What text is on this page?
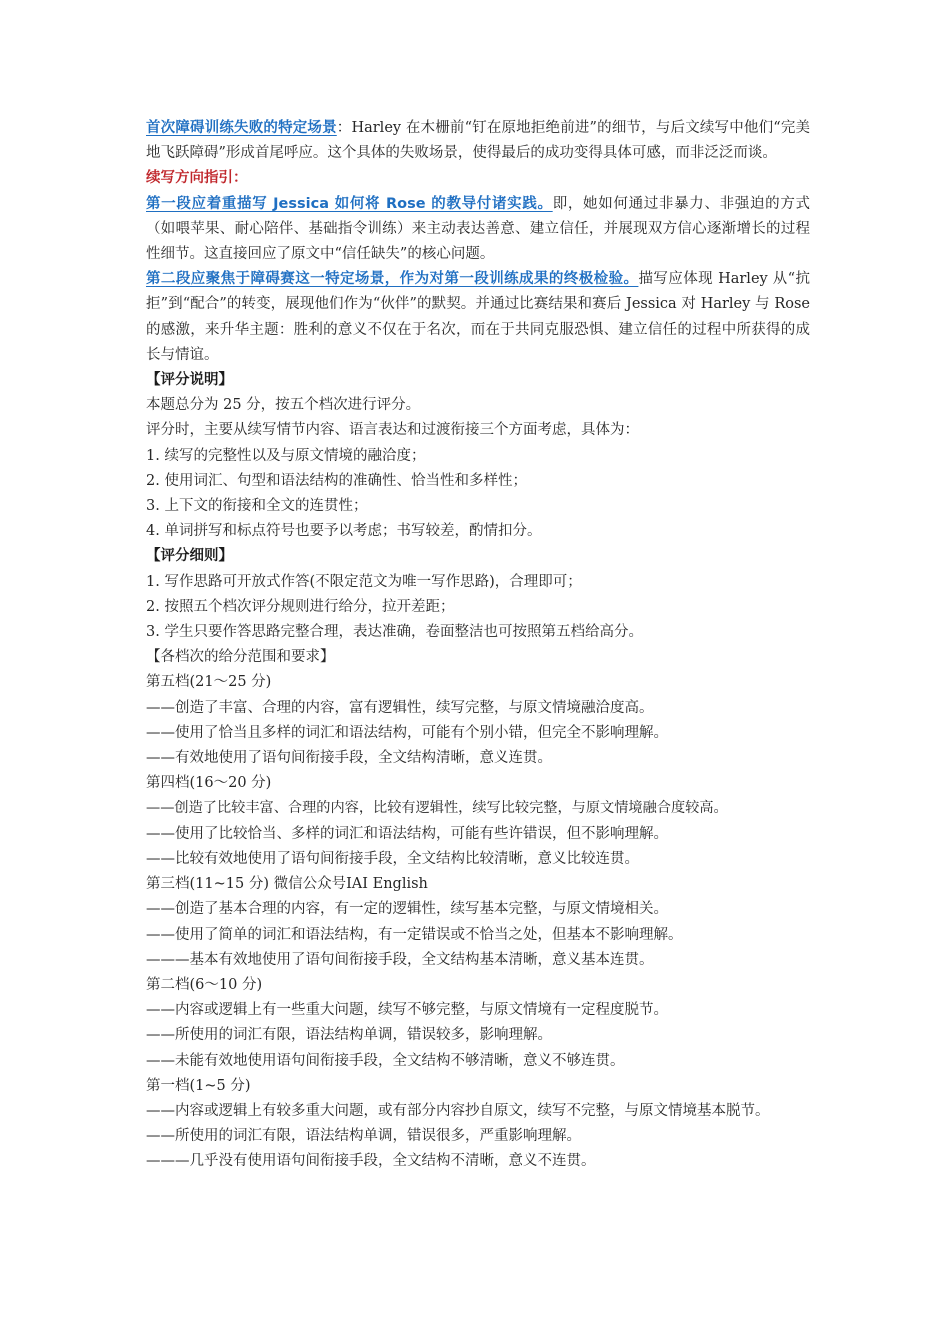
首次障碍训练失败的特定场景：Harley 在木栅前“钉在原地拒绝前进”的细节，与后文续写中他们“完美地飞跃障碍”形成首尾呼应。这个具体的失败场景，使得最后的成功变得具体可感，而非泛泛而谈。

续写方向指引：

第一段应着重描写 Jessica 如何将 Rose 的教导付诸实践。即，她如何通过非暴力、非强迫的方式（如喂苹果、耐心陪伴、基础指令训练）来主动表达善意、建立信任，并展现双方信心逐渐增长的过程性细节。这直接回应了原文中“信任缺失”的核心问题。

第二段应聚焦于障碍赛这一特定场景，作为对第一段训练成果的终极检验。描写应体现 Harley 从“抗拒”到“配合”的转变，展现他们作为“伙伴”的默契。并通过比赛结果和赛后 Jessica 对 Harley 与 Rose 的感激，来升华主题：胜利的意义不仅在于名次，而在于共同克服恐惧、建立信任的过程中所获得的成长与情谊。

【评分说明】

本题总分为 25 分，按五个档次进行评分。

评分时，主要从续写情节内容、语言表达和过渡衔接三个方面考虑，具体为：

1. 续写的完整性以及与原文情境的融洽度；

2. 使用词汇、句型和语法结构的准确性、恰当性和多样性；

3. 上下文的衔接和全文的连贯性；

4. 单词拼写和标点符号也要予以考虑；书写较差，酌情扣分。

【评分细则】

1. 写作思路可开放式作答(不限定范文为唯一写作思路)，合理即可；

2. 按照五个档次评分规则进行给分，拉开差距；

3. 学生只要作答思路完整合理，表达准确，卷面整洁也可按照第五档给高分。

【各档次的给分范围和要求】

第五档(21～25 分)

——创造了丰富、合理的内容，富有逻辑性，续写完整，与原文情境融洽度高。

——使用了恰当且多样的词汇和语法结构，可能有个别小错，但完全不影响理解。

——有效地使用了语句间衔接手段，全文结构清晰，意义连贯。

第四档(16～20 分)

——创造了比较丰富、合理的内容，比较有逻辑性，续写比较完整，与原文情境融合度较高。

——使用了比较恰当、多样的词汇和语法结构，可能有些许错误，但不影响理解。

——比较有效地使用了语句间衔接手段，全文结构比较清晰，意义比较连贯。

第三档(11~15 分) 微信公众号IAI English

——创造了基本合理的内容，有一定的逻辑性，续写基本完整，与原文情境相关。

——使用了简单的词汇和语法结构，有一定错误或不恰当之处，但基本不影响理解。

———基本有效地使用了语句间衔接手段，全文结构基本清晰，意义基本连贯。

第二档(6～10 分)

——内容或逻辑上有一些重大问题，续写不够完整，与原文情境有一定程度脱节。

——所使用的词汇有限，语法结构单调，错误较多，影响理解。

——未能有效地使用语句间衔接手段，全文结构不够清晰，意义不够连贯。

第一档(1~5 分)

——内容或逻辑上有较多重大问题，或有部分内容抄自原文，续写不完整，与原文情境基本脱节。

——所使用的词汇有限，语法结构单调，错误很多，严重影响理解。

———几乎没有使用语句间衔接手段，全文结构不清晰，意义不连贯。
